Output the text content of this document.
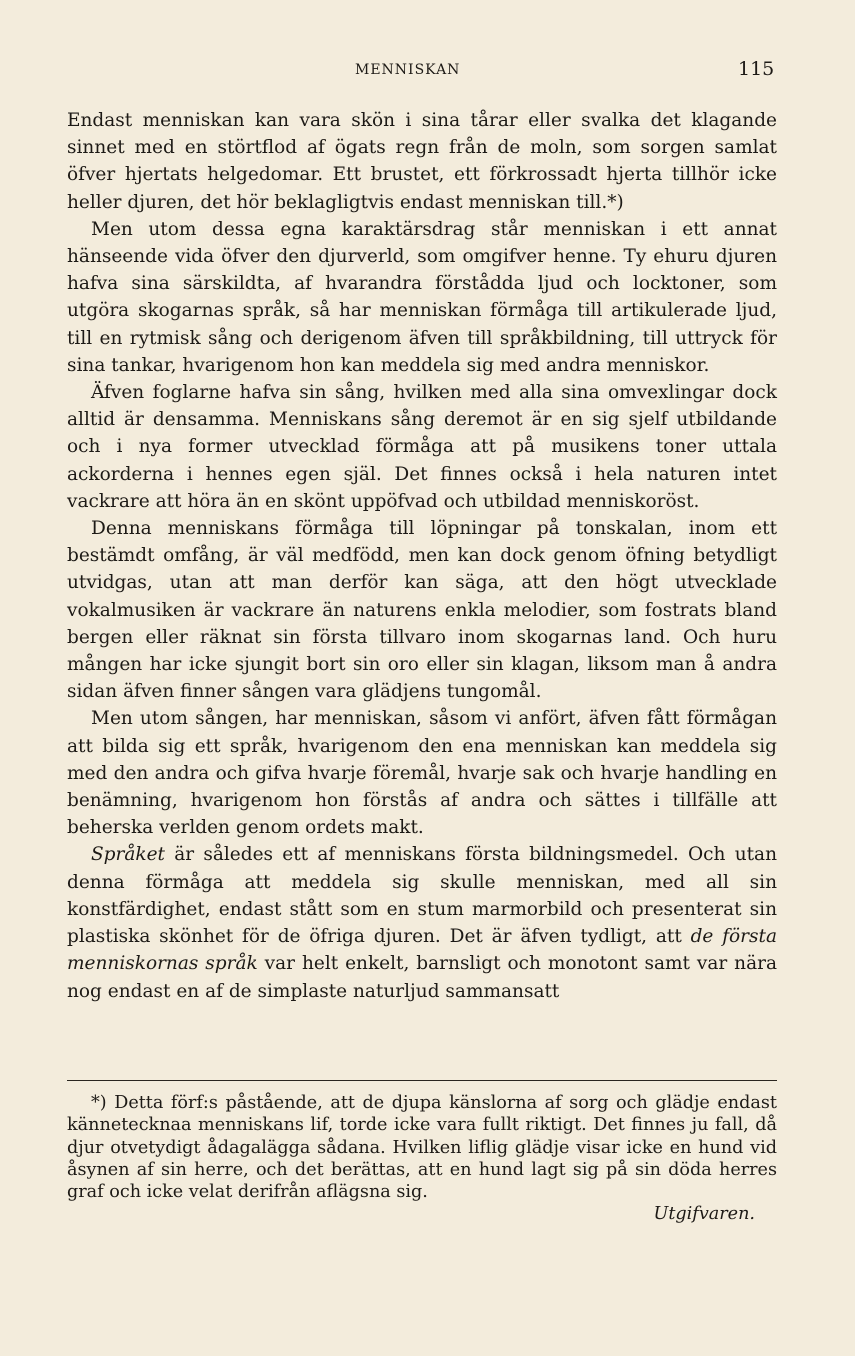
MENNISKAN	115

Endast menniskan kan vara skön i sina tårar eller svalka det klagande sinnet med en störtflod af ögats regn från de moln, som sorgen samlat öfver hjertats helgedomar. Ett brustet, ett förkrossadt hjerta tillhör icke heller djuren, det hör beklagligtvis endast menniskan till.*)

Men utom dessa egna karaktärsdrag står menniskan i ett annat hänseende vida öfver den djurverld, som omgifver henne. Ty ehuru djuren hafva sina särskildta, af hvarandra förstådda ljud och locktoner, som utgöra skogarnas språk, så har menniskan förmåga till artikulerade ljud, till en rytmisk sång och derigenom äfven till språkbildning, till uttryck för sina tankar, hvarigenom hon kan meddela sig med andra menniskor.

Äfven foglarne hafva sin sång, hvilken med alla sina omvexlingar dock alltid är densamma. Menniskans sång deremot är en sig sjelf utbildande och i nya former utvecklad förmåga att på musikens toner uttala ackorderna i hennes egen själ. Det finnes också i hela naturen intet vackrare att höra än en skönt uppöfvad och utbildad menniskoröst.

Denna menniskans förmåga till löpningar på tonskalan, inom ett bestämdt omfång, är väl medfödd, men kan dock genom öfning betydligt utvidgas, utan att man derför kan säga, att den högt utvecklade vokalmusiken är vackrare än naturens enkla melodier, som fostrats bland bergen eller räknat sin första tillvaro inom skogarnas land. Och huru mången har icke sjungit bort sin oro eller sin klagan, liksom man å andra sidan äfven finner sången vara glädjens tungomål.

Men utom sången, har menniskan, såsom vi anfört, äfven fått förmågan att bilda sig ett språk, hvarigenom den ena menniskan kan meddela sig med den andra och gifva hvarje föremål, hvarje sak och hvarje handling en benämning, hvarigenom hon förstås af andra och sättes i tillfälle att beherska verlden genom ordets makt.

Språket är således ett af menniskans första bildningsmedel. Och utan denna förmåga att meddela sig skulle menniskan, med all sin konstfärdighet, endast stått som en stum marmorbild och presenterat sin plastiska skönhet för de öfriga djuren. Det är äfven tydligt, att de första menniskornas språk var helt enkelt, barnsligt och monotont samt var nära nog endast en af de simplaste naturljud sammansatt

*) Detta förf:s påstående, att de djupa känslorna af sorg och glädje endast kännetecknaa menniskans lif, torde icke vara fullt riktigt. Det finnes ju fall, då djur otvetydigt ådagalägga sådana. Hvilken liflig glädje visar icke en hund vid åsynen af sin herre, och det berättas, att en hund lagt sig på sin döda herres graf och icke velat derifrån aflägsna sig.
Utgifvaren.
